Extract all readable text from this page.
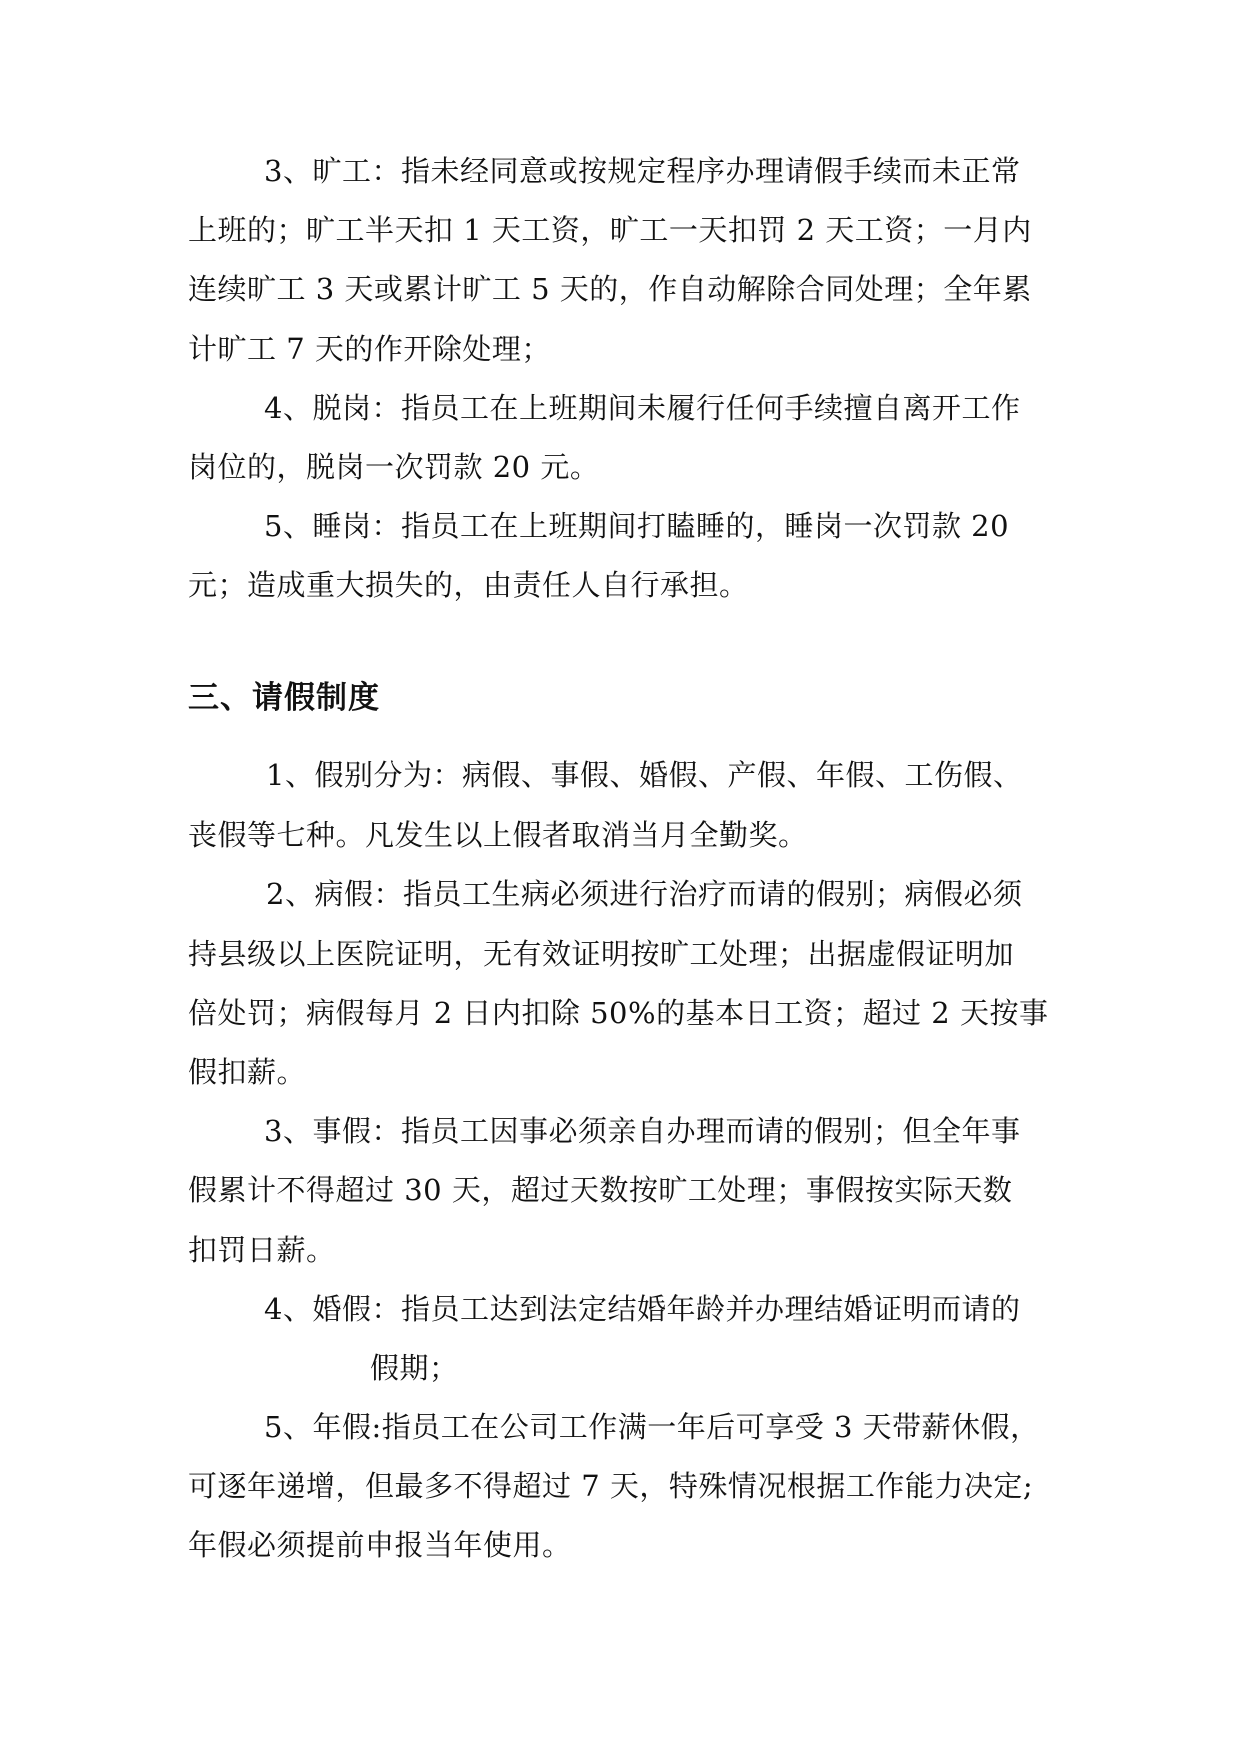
3、旷工：指未经同意或按规定程序办理请假手续而未正常
上班的；旷工半天扣 1 天工资，旷工一天扣罚 2 天工资；一月内
连续旷工 3 天或累计旷工 5 天的，作自动解除合同处理；全年累
计旷工 7 天的作开除处理；
4、脱岗：指员工在上班期间未履行任何手续擅自离开工作
岗位的，脱岗一次罚款 20 元。
5、睡岗：指员工在上班期间打瞌睡的，睡岗一次罚款 20
元；造成重大损失的，由责任人自行承担。
三、请假制度
1、假别分为：病假、事假、婚假、产假、年假、工伤假、
丧假等七种。凡发生以上假者取消当月全勤奖。
2、病假：指员工生病必须进行治疗而请的假别；病假必须
持县级以上医院证明，无有效证明按旷工处理；出据虚假证明加
倍处罚；病假每月 2 日内扣除 50%的基本日工资；超过 2 天按事
假扣薪。
3、事假：指员工因事必须亲自办理而请的假别；但全年事
假累计不得超过 30 天，超过天数按旷工处理；事假按实际天数
扣罚日薪。
4、婚假：指员工达到法定结婚年龄并办理结婚证明而请的
假期；
5、年假:指员工在公司工作满一年后可享受 3 天带薪休假，
可逐年递增，但最多不得超过 7 天，特殊情况根据工作能力决定;
年假必须提前申报当年使用。
